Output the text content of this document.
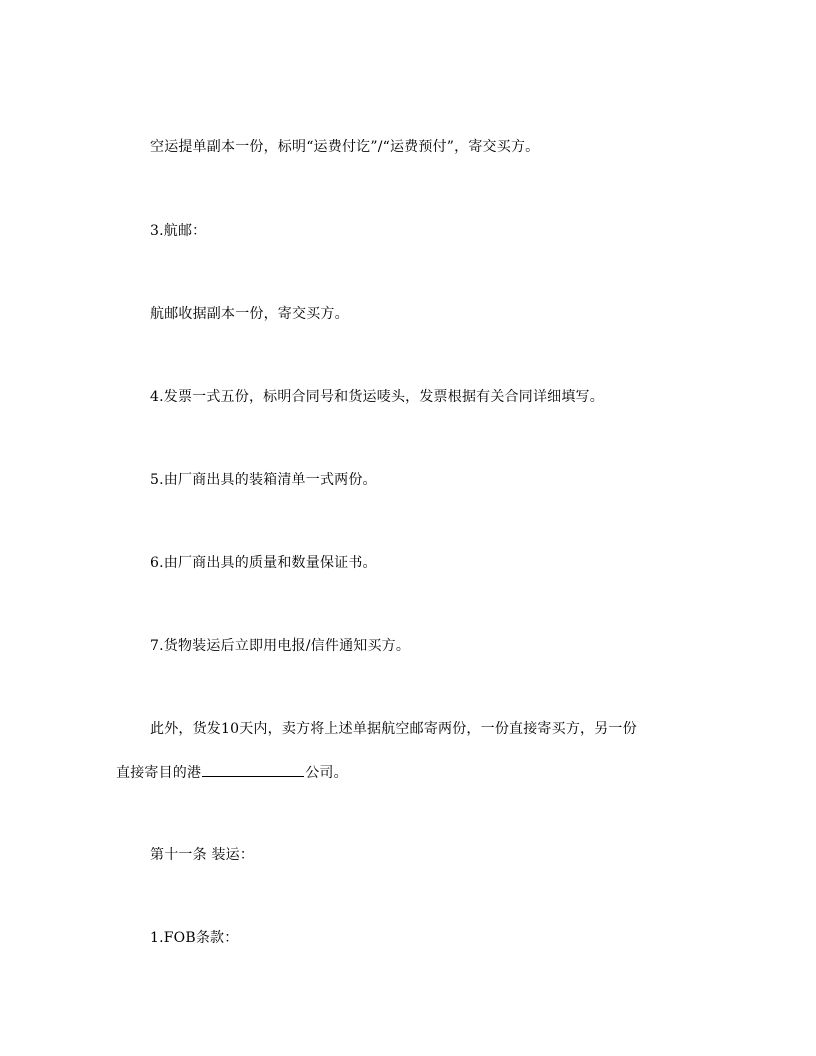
空运提单副本一份，标明“运费付讫”/“运费预付”，寄交买方。
3.航邮：
航邮收据副本一份，寄交买方。
4.发票一式五份，标明合同号和货运唛头，发票根据有关合同详细填写。
5.由厂商出具的装箱清单一式两份。
6.由厂商出具的质量和数量保证书。
7.货物装运后立即用电报/信件通知买方。
此外，货发10天内，卖方将上述单据航空邮寄两份，一份直接寄买方，另一份
直接寄目的港	公司。
第十一条 装运：
1.FOB条款：
